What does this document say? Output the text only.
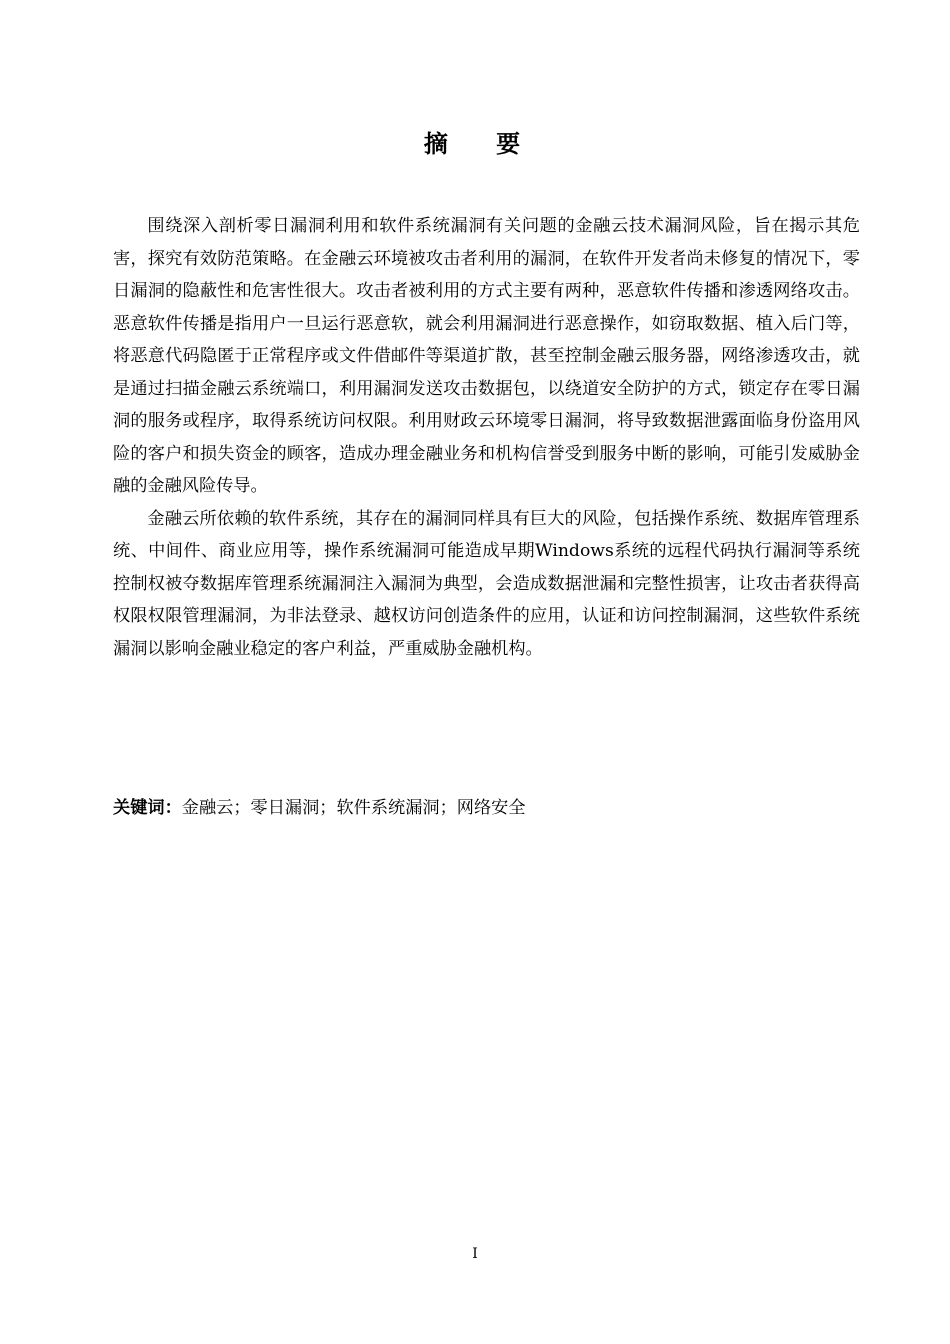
摘 要

围绕深入剖析零日漏洞利用和软件系统漏洞有关问题的金融云技术漏洞风险，旨在揭示其危害，探究有效防范策略。在金融云环境被攻击者利用的漏洞，在软件开发者尚未修复的情况下，零日漏洞的隐蔽性和危害性很大。攻击者被利用的方式主要有两种，恶意软件传播和渗透网络攻击。恶意软件传播是指用户一旦运行恶意软，就会利用漏洞进行恶意操作，如窃取数据、植入后门等，将恶意代码隐匿于正常程序或文件借邮件等渠道扩散，甚至控制金融云服务器，网络渗透攻击，就是通过扫描金融云系统端口，利用漏洞发送攻击数据包，以绕道安全防护的方式，锁定存在零日漏洞的服务或程序，取得系统访问权限。利用财政云环境零日漏洞，将导致数据泄露面临身份盗用风险的客户和损失资金的顾客，造成办理金融业务和机构信誉受到服务中断的影响，可能引发威胁金融的金融风险传导。

金融云所依赖的软件系统，其存在的漏洞同样具有巨大的风险，包括操作系统、数据库管理系统、中间件、商业应用等，操作系统漏洞可能造成早期Windows系统的远程代码执行漏洞等系统控制权被夺数据库管理系统漏洞注入漏洞为典型，会造成数据泄漏和完整性损害，让攻击者获得高权限权限管理漏洞，为非法登录、越权访问创造条件的应用，认证和访问控制漏洞，这些软件系统漏洞以影响金融业稳定的客户利益，严重威胁金融机构。

关键词：金融云；零日漏洞；软件系统漏洞；网络安全
I
